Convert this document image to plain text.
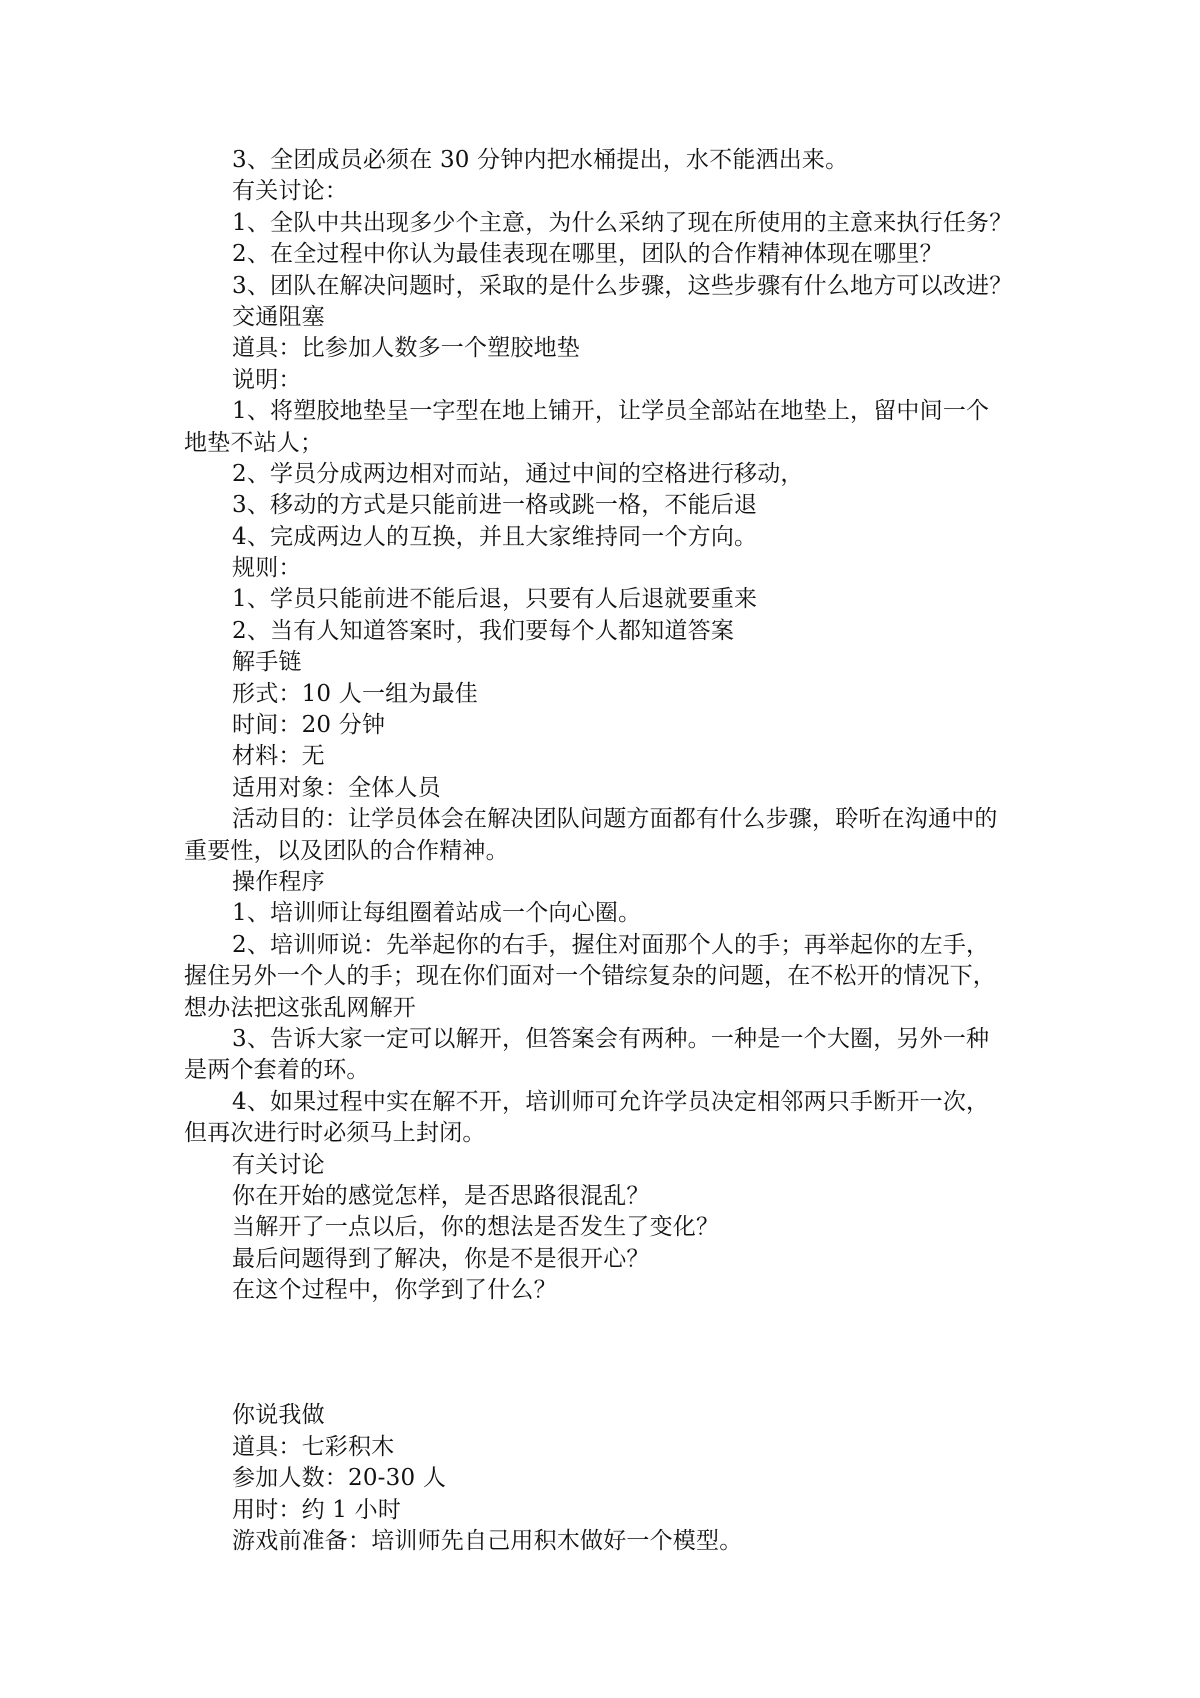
3、全团成员必须在 30 分钟内把水桶提出，水不能洒出来。
有关讨论：
1、全队中共出现多少个主意，为什么采纳了现在所使用的主意来执行任务？
2、在全过程中你认为最佳表现在哪里，团队的合作精神体现在哪里？
3、团队在解决问题时，采取的是什么步骤，这些步骤有什么地方可以改进？
交通阻塞
道具：比参加人数多一个塑胶地垫
说明：
1、将塑胶地垫呈一字型在地上铺开，让学员全部站在地垫上，留中间一个
地垫不站人；
2、学员分成两边相对而站，通过中间的空格进行移动，
3、移动的方式是只能前进一格或跳一格，不能后退
4、完成两边人的互换，并且大家维持同一个方向。
规则：
1、学员只能前进不能后退，只要有人后退就要重来
2、当有人知道答案时，我们要每个人都知道答案
解手链
形式：10 人一组为最佳
时间：20 分钟
材料：无
适用对象：全体人员
活动目的：让学员体会在解决团队问题方面都有什么步骤，聆听在沟通中的
重要性，以及团队的合作精神。
操作程序
1、培训师让每组圈着站成一个向心圈。
2、培训师说：先举起你的右手，握住对面那个人的手；再举起你的左手，
握住另外一个人的手；现在你们面对一个错综复杂的问题，在不松开的情况下，
想办法把这张乱网解开
3、告诉大家一定可以解开，但答案会有两种。一种是一个大圈，另外一种
是两个套着的环。
4、如果过程中实在解不开，培训师可允许学员决定相邻两只手断开一次，
但再次进行时必须马上封闭。
有关讨论
你在开始的感觉怎样，是否思路很混乱？
当解开了一点以后，你的想法是否发生了变化？
最后问题得到了解决，你是不是很开心？
在这个过程中，你学到了什么？
你说我做
道具：七彩积木
参加人数：20-30 人
用时：约 1 小时
游戏前准备：培训师先自己用积木做好一个模型。
